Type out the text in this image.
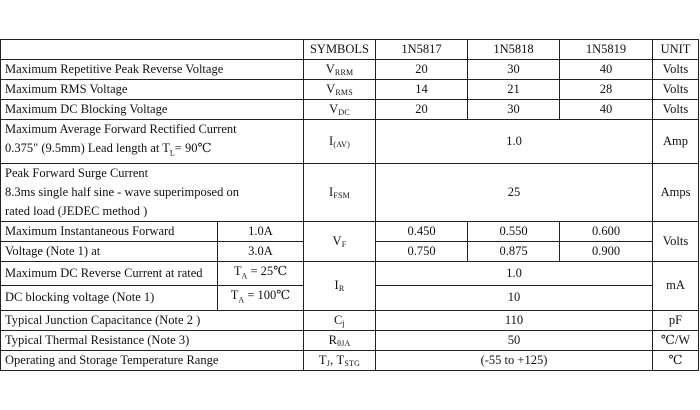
		SYMBOLS	1N5817	1N5818	1N5819	UNIT
Maximum Repetitive Peak Reverse Voltage		$V_{RRM}$	20	30	40	Volts
Maximum RMS Voltage		$V_{RMS}$	14	21	28	Volts
Maximum DC Blocking Voltage		$V_{DC}$	20	30	40	Volts
Maximum Average Forward Rectified Current
0.375" (9.5mm) Lead length at $T_L=$ 90℃		$I_{(AV)}$	1.0			Amp
Peak Forward Surge Current
8.3ms single half sine - wave superimposed on
rated load (JEDEC method )		$I_{FSM}$	25			Amps
Maximum Instantaneous Forward	1.0A	$V_F$	0.450	0.550	0.600	Volts
Voltage (Note 1) at	3.0A		0.750	0.875	0.900	
Maximum DC Reverse Current at rated	$T_A$ = 25℃	$I_R$	1.0			mA
DC blocking voltage (Note 1)	$T_A$ = 100℃		10			
Typical Junction Capacitance (Note 2 )		$C_j$	110			pF
Typical Thermal Resistance (Note 3)		$R_{\theta JA}$	50			℃/W
Operating and Storage Temperature Range		$T_J$, $T_{STG}$	(-55 to +125)			℃
